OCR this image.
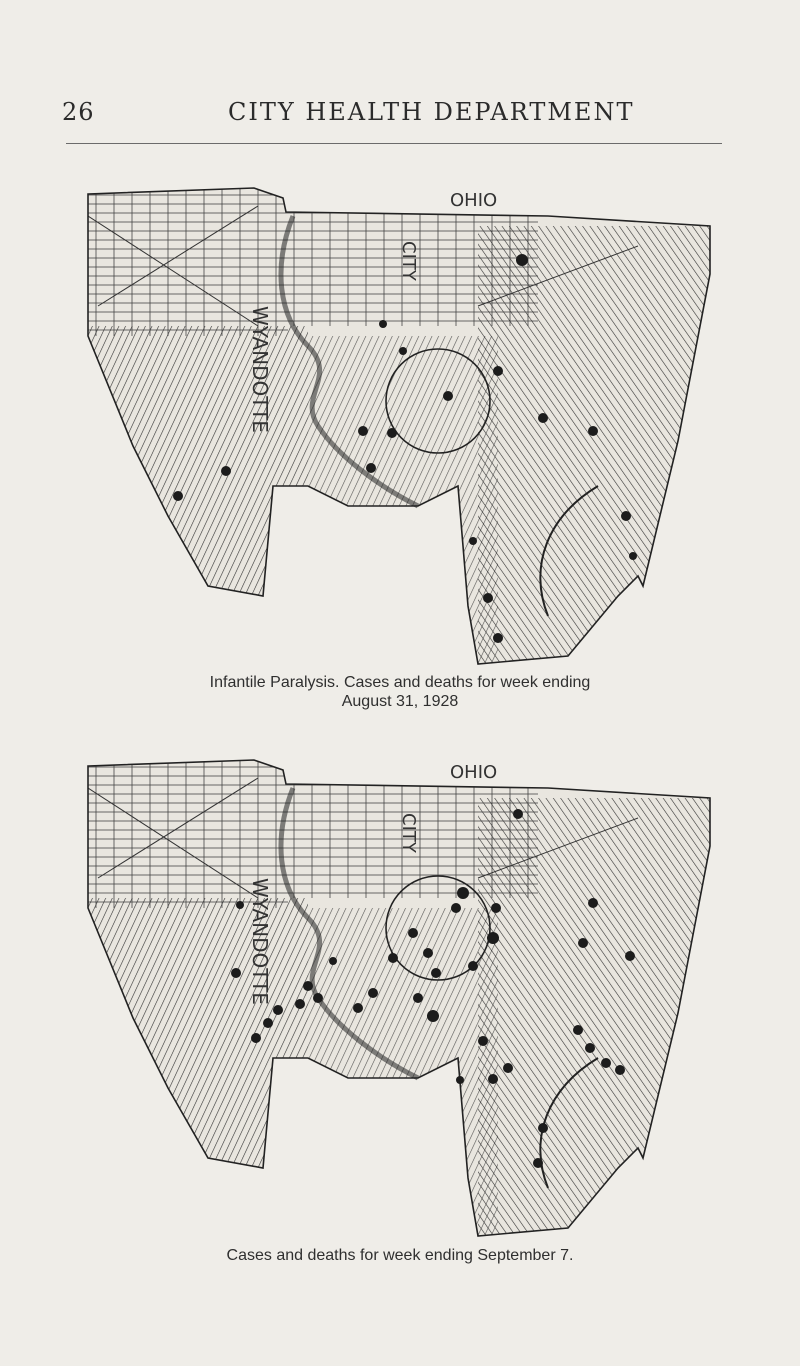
26	CITY HEALTH DEPARTMENT
WYANDOTTE
CITY
OHIO
Infantile Paralysis. Cases and deaths for week ending
August 31, 1928
WYANDOTTE
CITY
OHIO
Cases and deaths for week ending September 7.
